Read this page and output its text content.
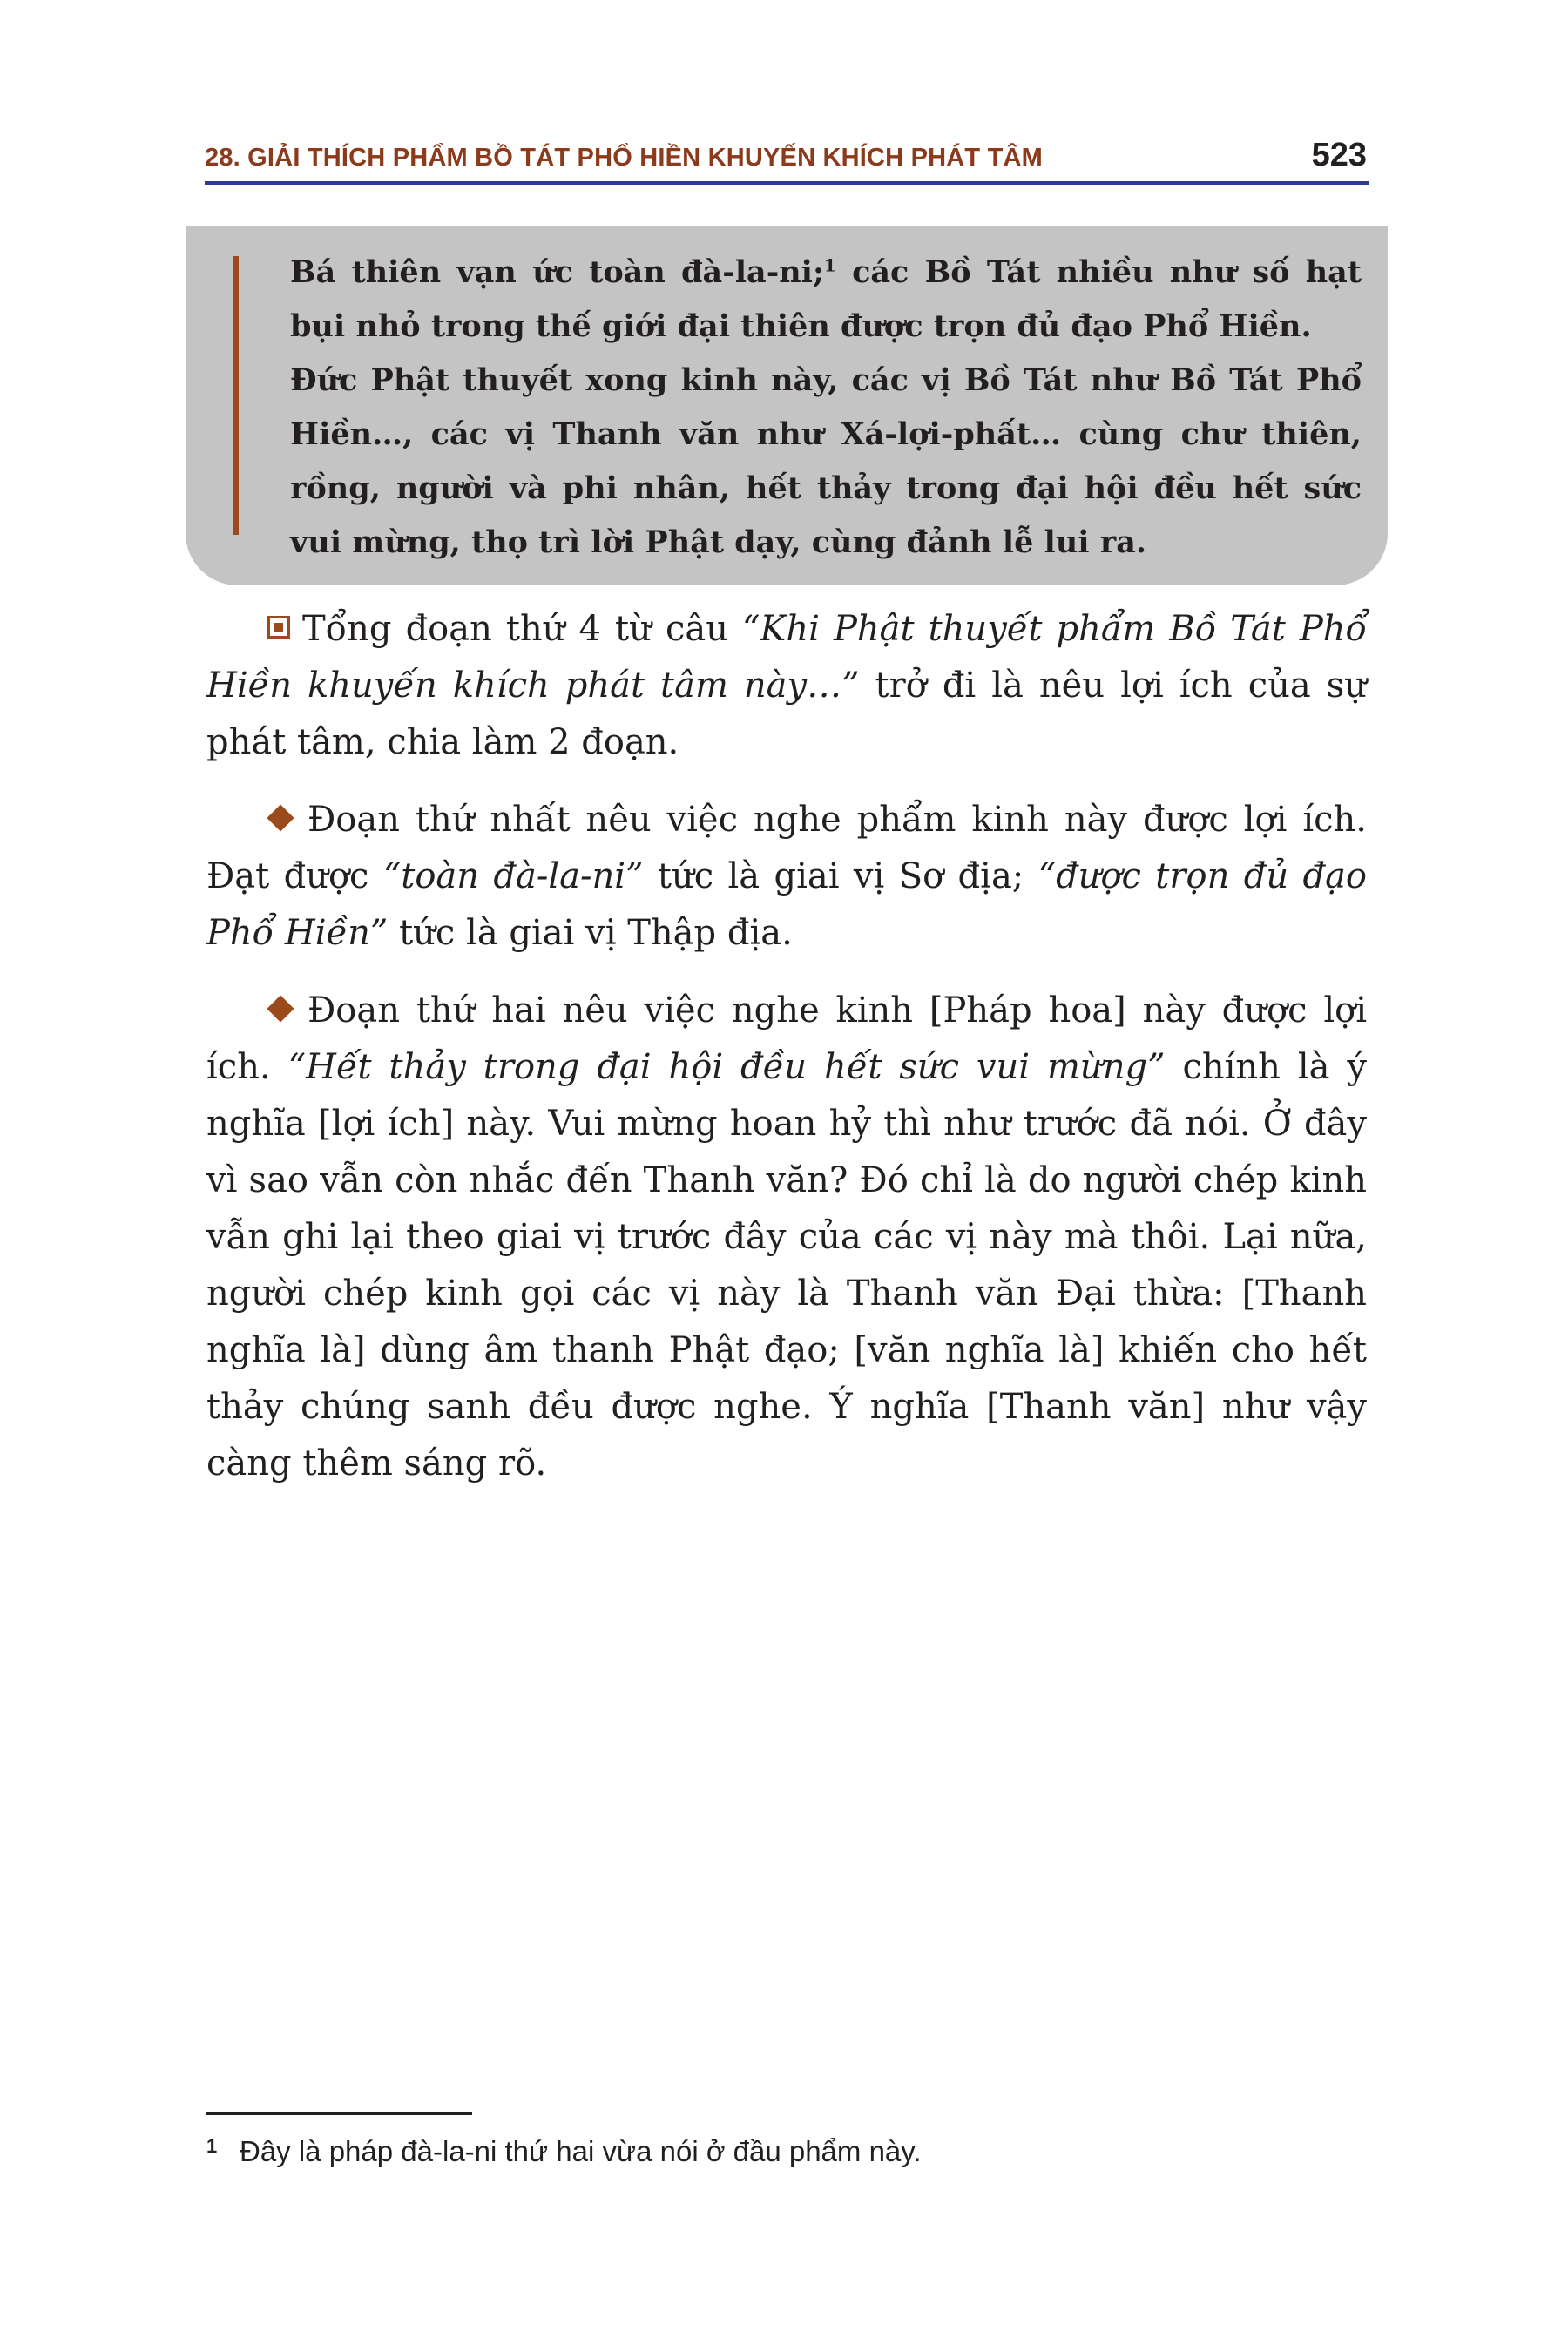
28. GIẢI THÍCH PHẨM BỒ TÁT PHỔ HIỀN KHUYẾN KHÍCH PHÁT TÂM	523

Bá thiên vạn ức toàn đà-la-ni;$^1$ các Bồ Tát nhiều như số hạt bụi nhỏ trong thế giới đại thiên được trọn đủ đạo Phổ Hiền.

Đức Phật thuyết xong kinh này, các vị Bồ Tát như Bồ Tát Phổ Hiền…, các vị Thanh văn như Xá-lợi-phất… cùng chư thiên, rồng, người và phi nhân, hết thảy trong đại hội đều hết sức vui mừng, thọ trì lời Phật dạy, cùng đảnh lễ lui ra.

Tổng đoạn thứ 4 từ câu “Khi Phật thuyết phẩm Bồ Tát Phổ Hiền khuyến khích phát tâm này…” trở đi là nêu lợi ích của sự phát tâm, chia làm 2 đoạn.

Đoạn thứ nhất nêu việc nghe phẩm kinh này được lợi ích. Đạt được “toàn đà-la-ni” tức là giai vị Sơ địa; “được trọn đủ đạo Phổ Hiền” tức là giai vị Thập địa.

Đoạn thứ hai nêu việc nghe kinh [Pháp hoa] này được lợi ích. “Hết thảy trong đại hội đều hết sức vui mừng” chính là ý nghĩa [lợi ích] này. Vui mừng hoan hỷ thì như trước đã nói. Ở đây vì sao vẫn còn nhắc đến Thanh văn? Đó chỉ là do người chép kinh vẫn ghi lại theo giai vị trước đây của các vị này mà thôi. Lại nữa, người chép kinh gọi các vị này là Thanh văn Đại thừa: [Thanh nghĩa là] dùng âm thanh Phật đạo; [văn nghĩa là] khiến cho hết thảy chúng sanh đều được nghe. Ý nghĩa [Thanh văn] như vậy càng thêm sáng rõ.

1 Đây là pháp đà-la-ni thứ hai vừa nói ở đầu phẩm này.
